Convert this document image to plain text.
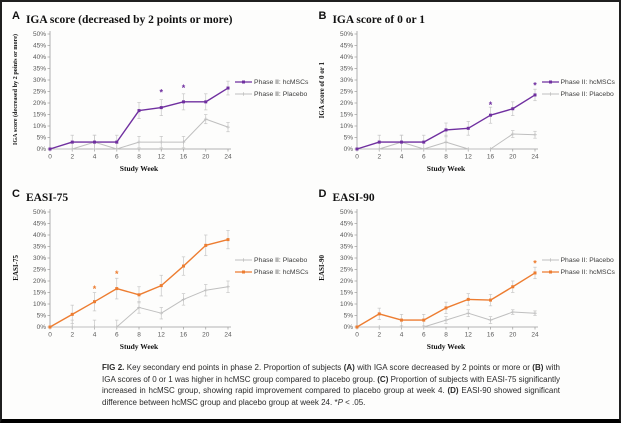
$^A$ IGA score (decreased by 2 points or more)
IGA score (decreased by 2 points or more)
0%
5%
10%
15%
20%
25%
30%
35%
40%
45%
50%
0	2	4	6	8	12 16 20 24
Study Week
* *
Phase II: hcMSCs
Phase II: Placebo
$^B$ IGA score of 0 or 1
IGA score of 0 or 1
0%
5%
10%
15%
20%
25%
30%
35%
40%
45%
50%
0	2	4	6	8	12 16 20 24
Study Week
*
*	Phase II: hcMSCs
Phase II: Placebo
$^C$ EASI-75
EASI-75
0%
5%
10%
15%
20%
25%
30%
35%
40%
45%
50%
0	2	4	6	8	12 16 20 24
Study Week
*
*
Phase II: Placebo
Phase II: hcMSCs
$^D$ EASI-90
EASI-90
0%
5%
10%
15%
20%
25%
30%
35%
40%
45%
50%
0	2	4	6	8	12 16 20 24
Study Week
*	Phase II: Placebo
Phase II: hcMSCs

FIG 2. Key secondary end points in phase 2. Proportion of subjects (A) with IGA score decreased by 2 points or more or (B) with IGA scores of 0 or 1 was higher in hcMSC group compared to placebo group. (C) Proportion of subjects with EASI-75 significantly increased in hcMSC group, showing rapid improvement compared to placebo group at week 4. (D) EASI-90 showed significant difference between hcMSC group and placebo group at week 24. *P < .05.
